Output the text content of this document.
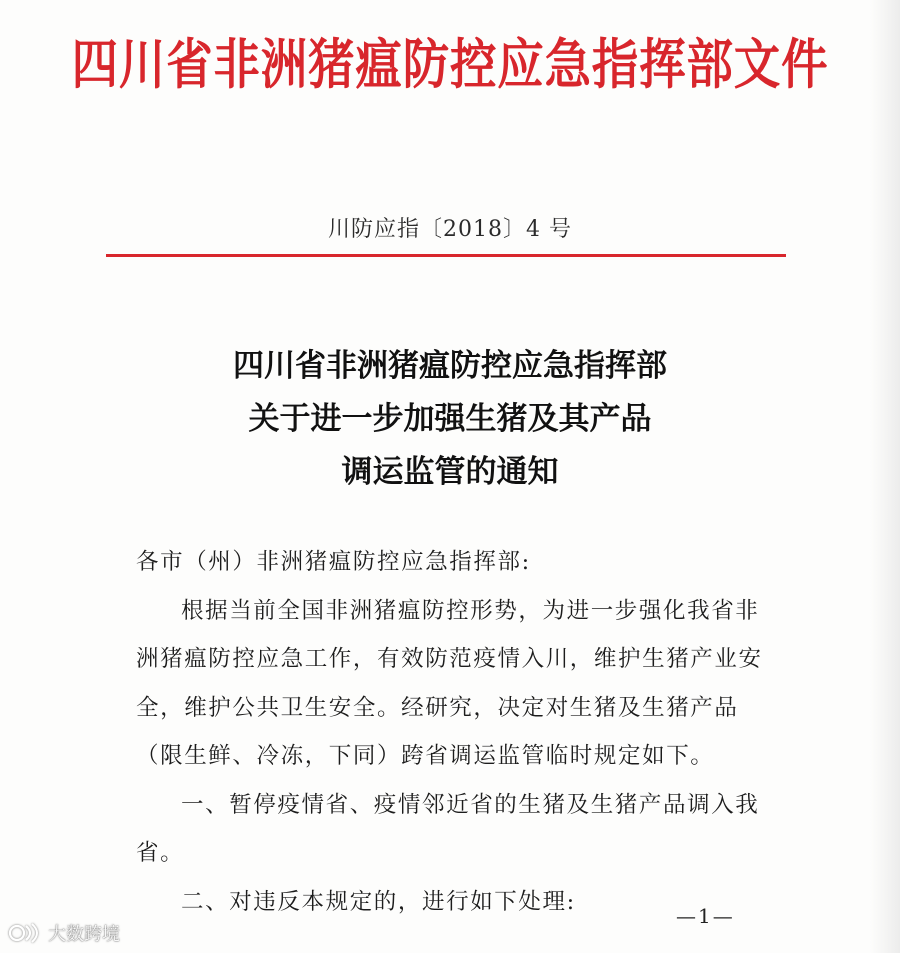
四川省非洲猪瘟防控应急指挥部文件
川防应指〔2018〕4 号
四川省非洲猪瘟防控应急指挥部
关于进一步加强生猪及其产品
调运监管的通知

各市（州）非洲猪瘟防控应急指挥部:

根据当前全国非洲猪瘟防控形势，为进一步强化我省非洲猪瘟防控应急工作，有效防范疫情入川，维护生猪产业安全，维护公共卫生安全。经研究，决定对生猪及生猪产品（限生鲜、冷冻，下同）跨省调运监管临时规定如下。

一、暂停疫情省、疫情邻近省的生猪及生猪产品调入我省。

二、对违反本规定的，进行如下处理:

—1—
大数跨境
